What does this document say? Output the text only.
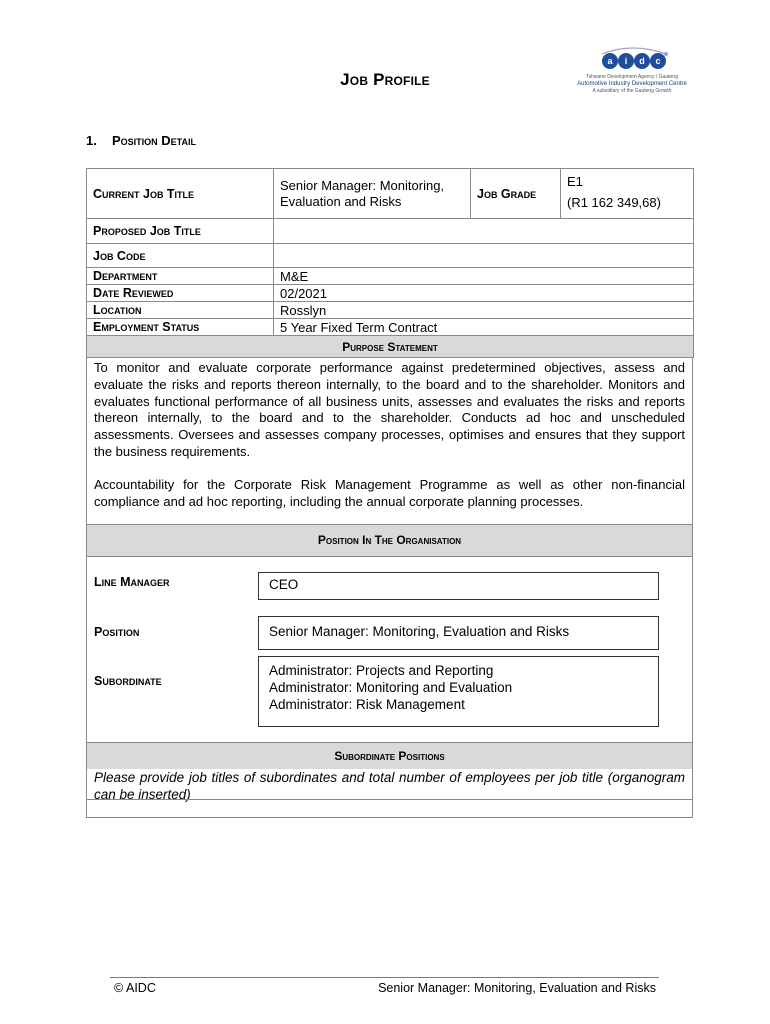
Job Profile
a i d c
Tshwane Development Agency / Gauteng
Automotive Industry Development Centre
A subsidiary of the Gauteng Growth
1. Position Detail
Current Job Title	Senior Manager: Monitoring, Evaluation and Risks	Job Grade	E1
(R1 162 349,68)

Proposed Job Title			
Job Code			
Department	M&E		
Date Reviewed	02/2021		
Location	Rosslyn		
Employment Status	5 Year Fixed Term Contract		
Purpose Statement			

To monitor and evaluate corporate performance against predetermined objectives, assess and evaluate the risks and reports thereon internally, to the board and to the shareholder. Monitors and evaluates functional performance of all business units, assesses and evaluates the risks and reports thereon internally, to the board and to the shareholder. Conducts ad hoc and unscheduled assessments. Oversees and assesses company processes, optimises and ensures that they support the business requirements.

Accountability for the Corporate Risk Management Programme as well as other non-financial compliance and ad hoc reporting, including the annual corporate planning processes.

Position In The Organisation
Line Manager	CEO
Position	Senior Manager: Monitoring, Evaluation and Risks
Subordinate
Administrator: Projects and Reporting
Administrator: Monitoring and Evaluation
Administrator: Risk Management
Subordinate Positions
Please provide job titles of subordinates and total number of employees per job title (organogram can be inserted)
© AIDC	Senior Manager: Monitoring, Evaluation and Risks
